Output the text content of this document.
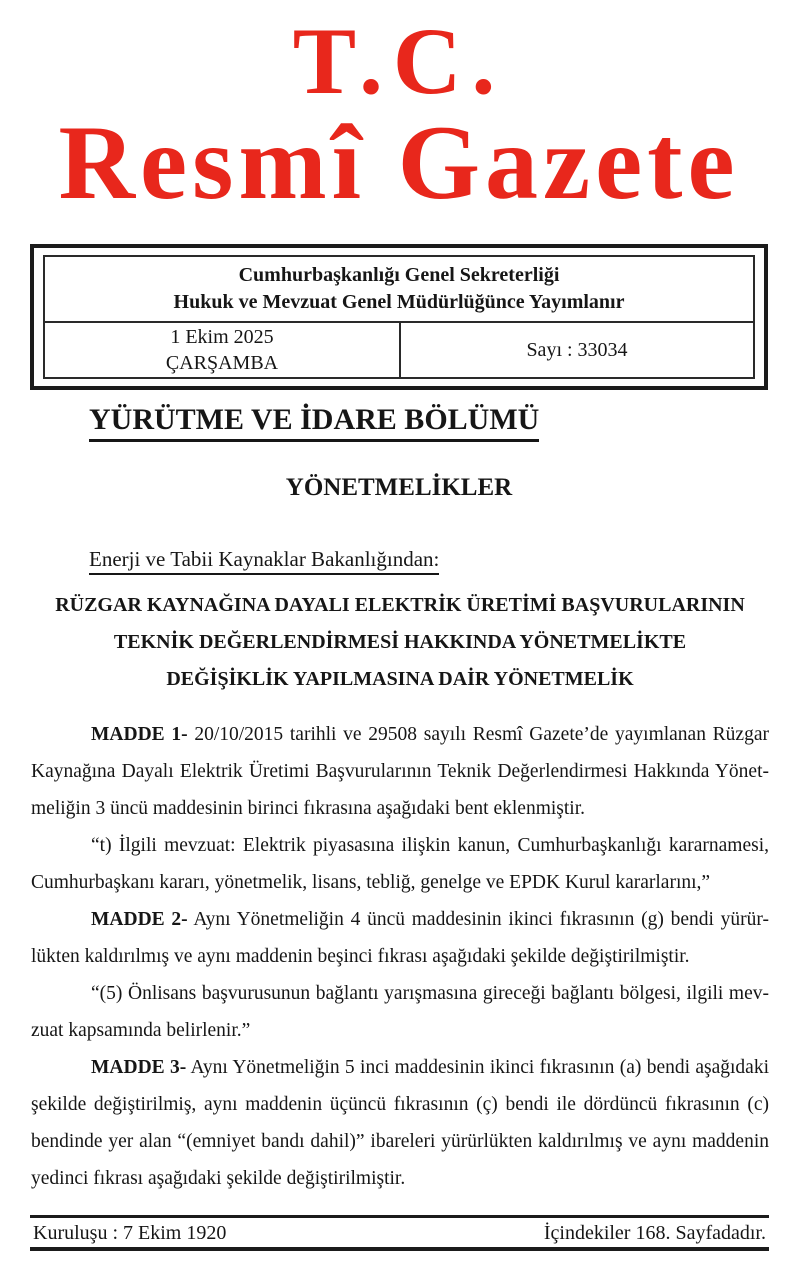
T.C.
Resmî Gazete
Cumhurbaşkanlığı Genel Sekreterliği
Hukuk ve Mevzuat Genel Müdürlüğünce Yayımlanır
1 Ekim 2025
ÇARŞAMBA
Sayı : 33034
YÜRÜTME VE İDARE BÖLÜMÜ
YÖNETMELİKLER
Enerji ve Tabii Kaynaklar Bakanlığından:
RÜZGAR KAYNAĞINA DAYALI ELEKTRİK ÜRETİMİ BAŞVURULARININ
TEKNİK DEĞERLENDİRMESİ HAKKINDA YÖNETMELİKTE
DEĞİŞİKLİK YAPILMASINA DAİR YÖNETMELİK
MADDE 1- 20/10/2015 tarihli ve 29508 sayılı Resmî Gazete’de yayımlanan Rüzgar
Kaynağına Dayalı Elektrik Üretimi Başvurularının Teknik Değerlendirmesi Hakkında Yönet-
meliğin 3 üncü maddesinin birinci fıkrasına aşağıdaki bent eklenmiştir.
“t) İlgili mevzuat: Elektrik piyasasına ilişkin kanun, Cumhurbaşkanlığı kararnamesi,
Cumhurbaşkanı kararı, yönetmelik, lisans, tebliğ, genelge ve EPDK Kurul kararlarını,”
MADDE 2- Aynı Yönetmeliğin 4 üncü maddesinin ikinci fıkrasının (g) bendi yürür-
lükten kaldırılmış ve aynı maddenin beşinci fıkrası aşağıdaki şekilde değiştirilmiştir.
“(5) Önlisans başvurusunun bağlantı yarışmasına gireceği bağlantı bölgesi, ilgili mev-
zuat kapsamında belirlenir.”
MADDE 3- Aynı Yönetmeliğin 5 inci maddesinin ikinci fıkrasının (a) bendi aşağıdaki
şekilde değiştirilmiş, aynı maddenin üçüncü fıkrasının (ç) bendi ile dördüncü fıkrasının (c)
bendinde yer alan “(emniyet bandı dahil)” ibareleri yürürlükten kaldırılmış ve aynı maddenin
yedinci fıkrası aşağıdaki şekilde değiştirilmiştir.
Kuruluşu : 7 Ekim 1920	İçindekiler 168. Sayfadadır.
